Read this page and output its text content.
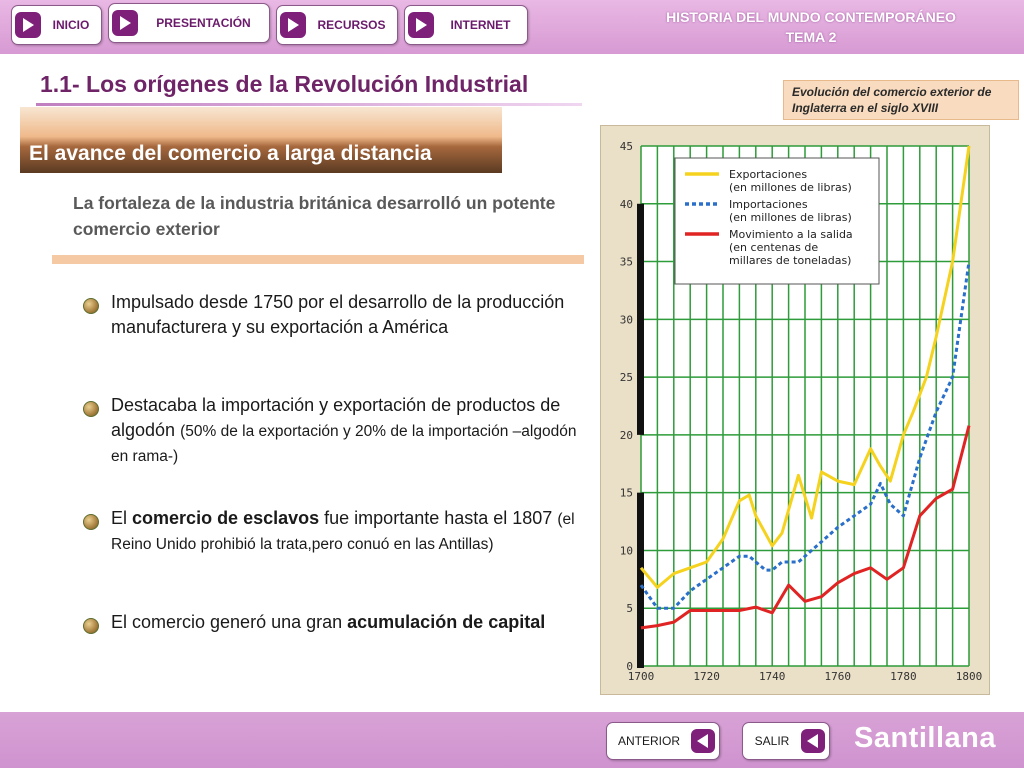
INICIO	PRESENTACIÓN	RECURSOS	INTERNET	HISTORIA DEL MUNDO CONTEMPORÁNEO
TEMA 2
1.1- Los orígenes de la Revolución Industrial	Evolución del comercio exterior de Inglaterra en el siglo XVIII
El avance del comercio a larga distancia
La fortaleza de la industria británica desarrolló un potente comercio exterior
Impulsado desde 1750 por el desarrollo de la producción manufacturera y su exportación a América
Destacaba la importación y exportación de productos de algodón (50% de la exportación y 20% de la importación –algodón en rama-)
El comercio de esclavos fue importante hasta el 1807 (el Reino Unido prohibió la trata,pero conuó en las Antillas)
El comercio generó una gran acumulación de capital
0
5
10
15
20
25
30
35
40
45
1700	1720	1740	1760	1780	1800
Exportaciones (en millones de libras)
Importaciones (en millones de libras)
Movimiento a la salida (en centenas de millares de toneladas)
ANTERIOR	SALIR	Santillana
